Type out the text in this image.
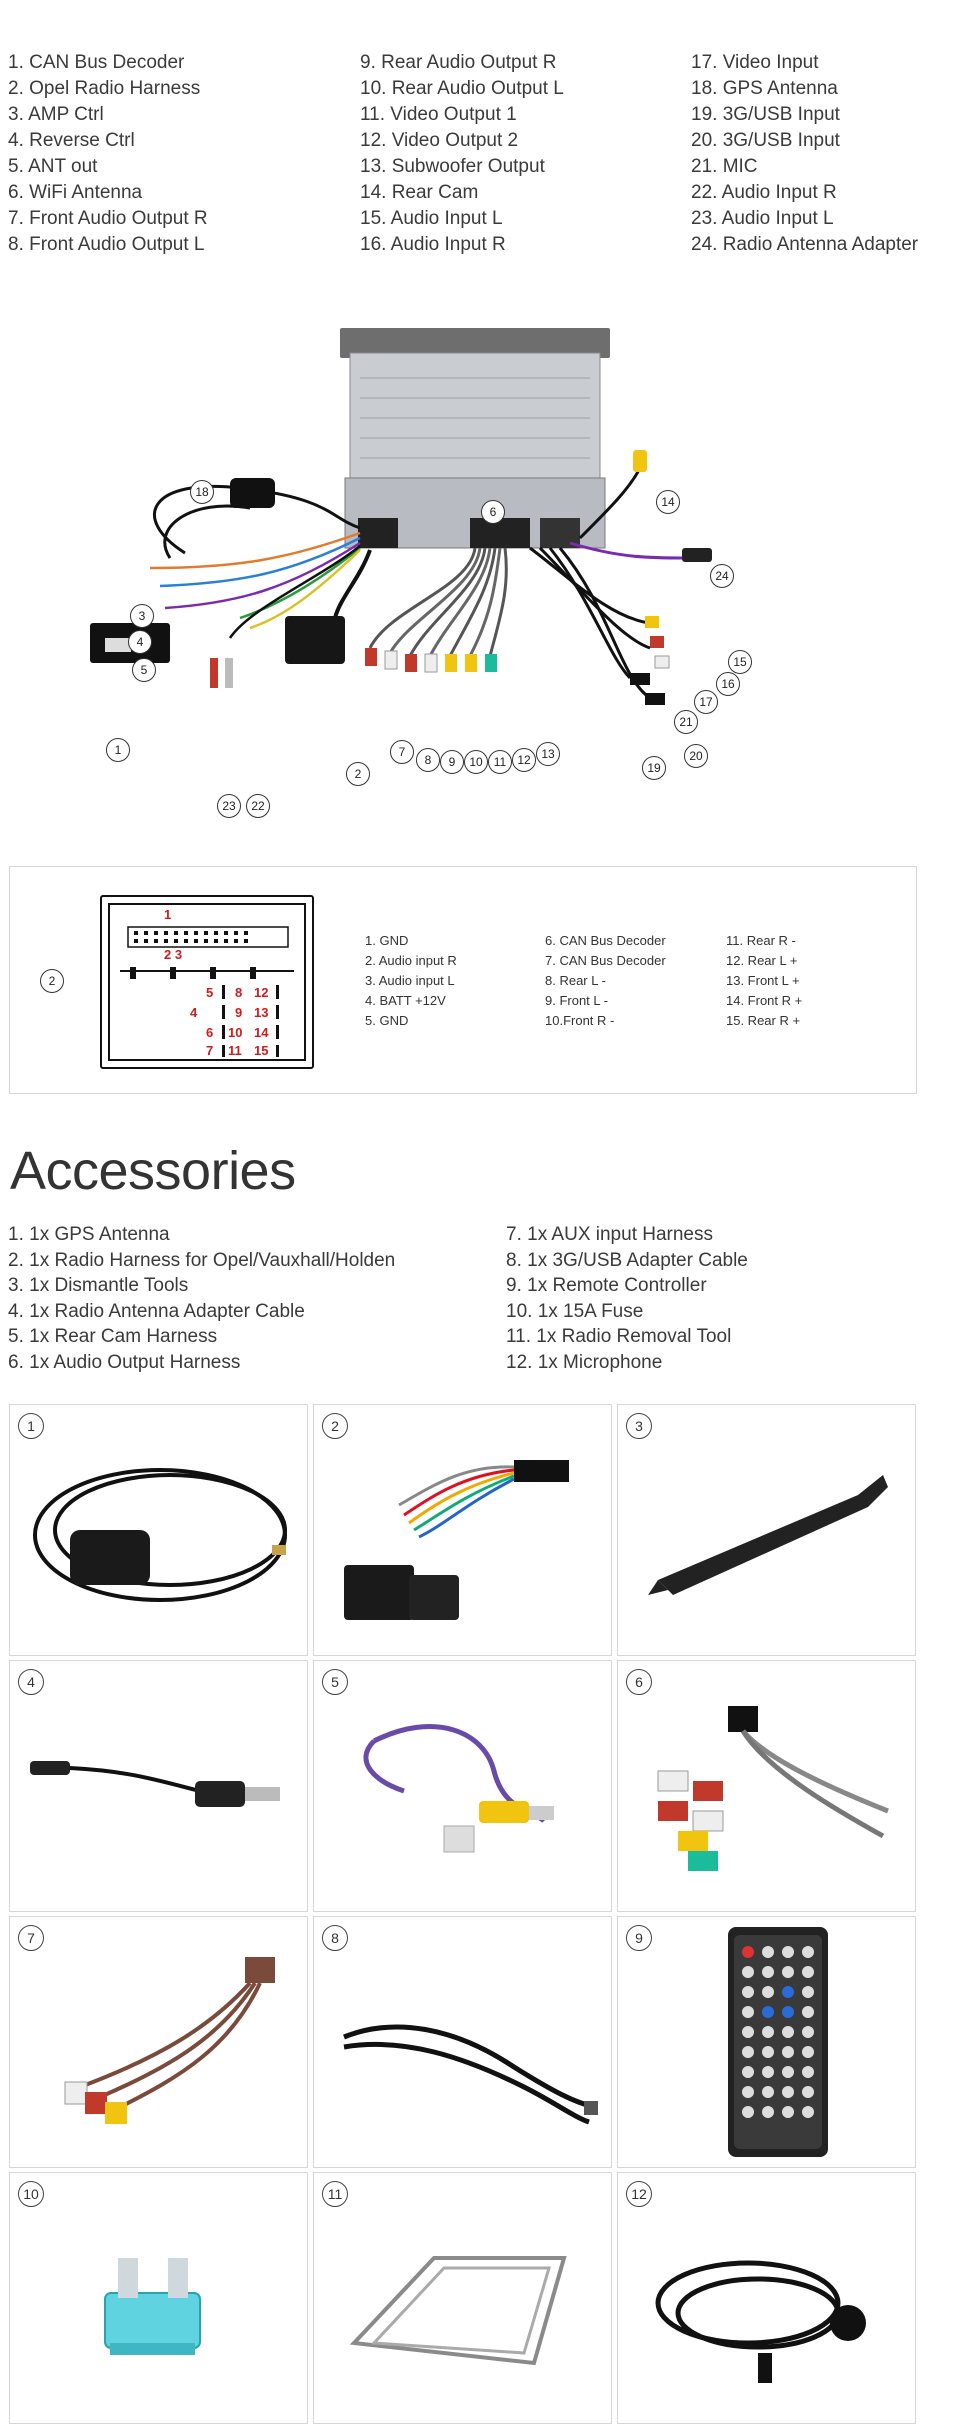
1. CAN Bus Decoder
2. Opel Radio Harness
3. AMP Ctrl
4. Reverse Ctrl
5. ANT out
6. WiFi Antenna
7. Front Audio Output R
8. Front Audio Output L
9. Rear Audio Output R
10. Rear Audio Output L
11. Video Output 1
12. Video Output 2
13. Subwoofer Output
14. Rear Cam
15. Audio Input L
16. Audio Input R
17. Video Input
18. GPS Antenna
19. 3G/USB Input
20. 3G/USB Input
21. MIC
22. Audio Input R
23. Audio Input L
24. Radio Antenna Adapter
18
3
4
5
1
2
23	22
6
7
8	9	10 11 12 13
14
24
15
16
17
21
20
19
2
1
2 3
5 8 12
4	9 13
6 10 14
7 11 15
1. GND
2. Audio input R
3. Audio input L
4. BATT +12V
5. GND
6. CAN Bus Decoder
7. CAN Bus Decoder
8. Rear L -
9. Front L -
10.Front R -
11. Rear R -
12. Rear L +
13. Front L +
14. Front R +
15. Rear R +
Accessories
1. 1x GPS Antenna
2. 1x Radio Harness for Opel/Vauxhall/Holden
3. 1x Dismantle Tools
4. 1x Radio Antenna Adapter Cable
5. 1x Rear Cam Harness
6. 1x Audio Output Harness
7. 1x AUX input Harness
8. 1x 3G/USB Adapter Cable
9. 1x Remote Controller
10. 1x 15A Fuse
11. 1x Radio Removal Tool
12. 1x Microphone
1	2	3
4	5	6
7	8	9
10	11	12
